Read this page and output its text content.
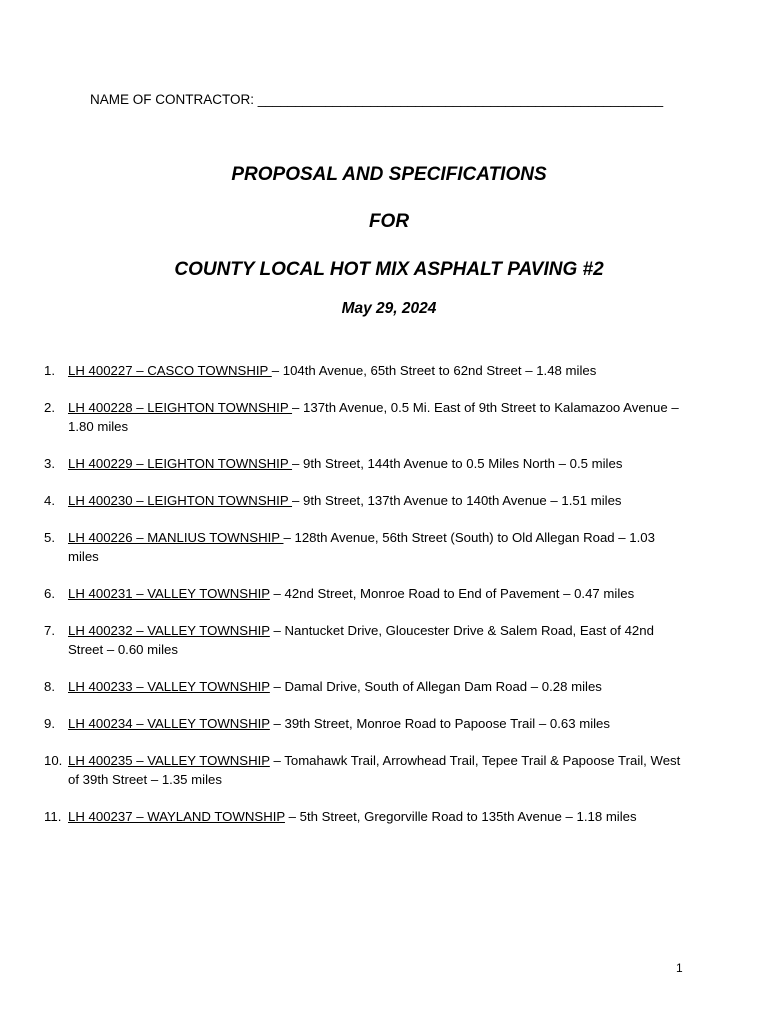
NAME OF CONTRACTOR: ______________________________________________________
PROPOSAL AND SPECIFICATIONS
FOR
COUNTY LOCAL HOT MIX ASPHALT PAVING #2
May 29, 2024
1. LH 400227 – CASCO TOWNSHIP – 104th Avenue, 65th Street to 62nd Street – 1.48 miles
2. LH 400228 – LEIGHTON TOWNSHIP – 137th Avenue, 0.5 Mi. East of 9th Street to Kalamazoo Avenue – 1.80 miles
3. LH 400229 – LEIGHTON TOWNSHIP – 9th Street, 144th Avenue to 0.5 Miles North – 0.5 miles
4. LH 400230 – LEIGHTON TOWNSHIP – 9th Street, 137th Avenue to 140th Avenue – 1.51 miles
5. LH 400226 – MANLIUS TOWNSHIP – 128th Avenue, 56th Street (South) to Old Allegan Road – 1.03 miles
6. LH 400231 – VALLEY TOWNSHIP – 42nd Street, Monroe Road to End of Pavement – 0.47 miles
7. LH 400232 – VALLEY TOWNSHIP – Nantucket Drive, Gloucester Drive & Salem Road, East of 42nd Street – 0.60 miles
8. LH 400233 – VALLEY TOWNSHIP – Damal Drive, South of Allegan Dam Road – 0.28 miles
9. LH 400234 – VALLEY TOWNSHIP – 39th Street, Monroe Road to Papoose Trail – 0.63 miles
10. LH 400235 – VALLEY TOWNSHIP – Tomahawk Trail, Arrowhead Trail, Tepee Trail & Papoose Trail, West of 39th Street – 1.35 miles
11. LH 400237 – WAYLAND TOWNSHIP – 5th Street, Gregorville Road to 135th Avenue – 1.18 miles
1
